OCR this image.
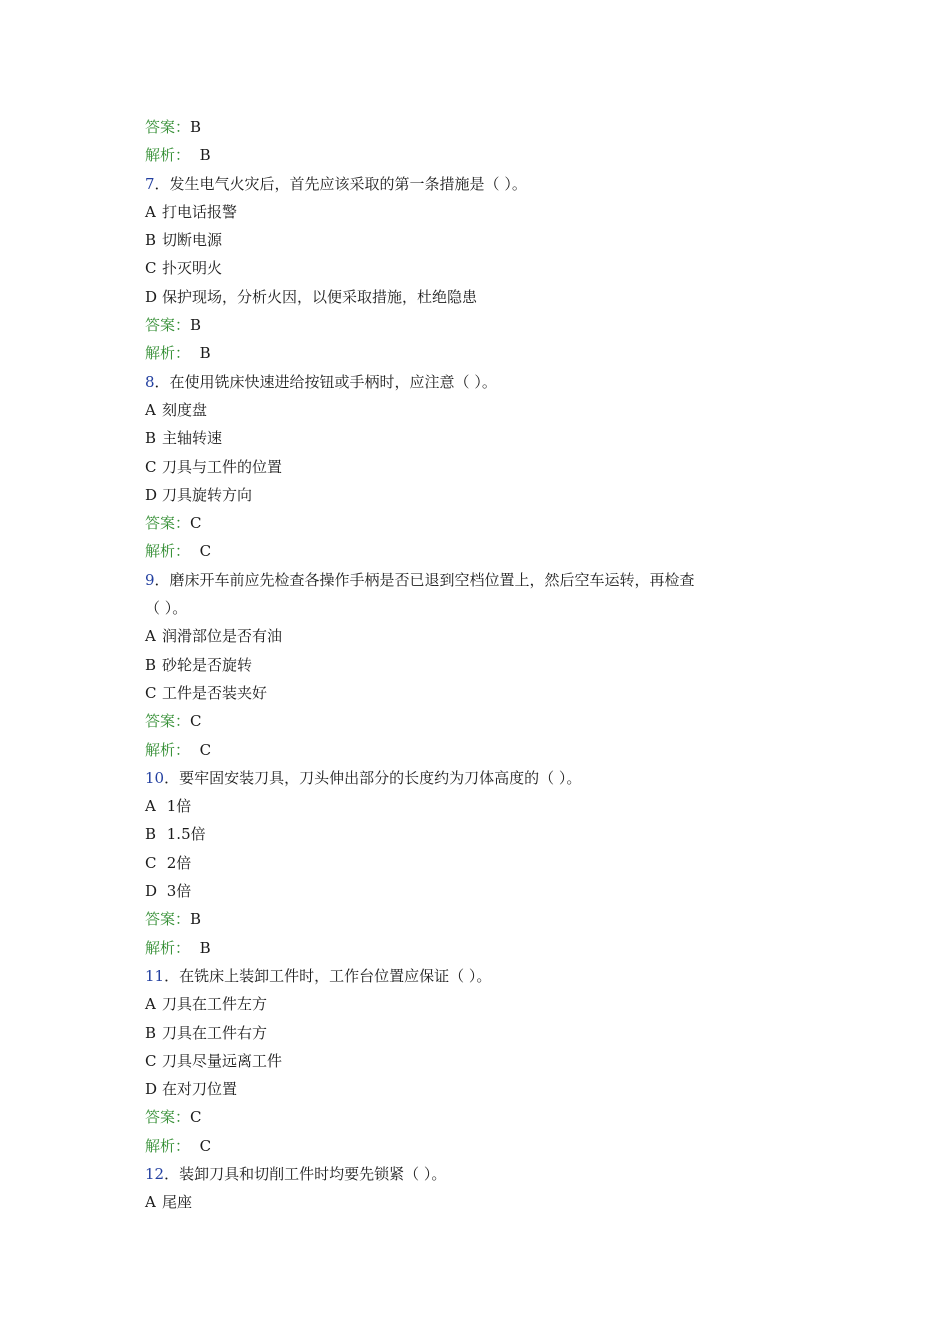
答案：B
解析： B
7．发生电气火灾后，首先应该采取的第一条措施是（ ）。
A 打电话报警
B 切断电源
C 扑灭明火
D 保护现场，分析火因，以便采取措施，杜绝隐患
答案：B
解析： B
8．在使用铣床快速进给按钮或手柄时，应注意（ ）。
A 刻度盘
B 主轴转速
C 刀具与工件的位置
D 刀具旋转方向
答案：C
解析： C
9．磨床开车前应先检查各操作手柄是否已退到空档位置上，然后空车运转，再检查
（ ）。
A 润滑部位是否有油
B 砂轮是否旋转
C 工件是否装夹好
答案：C
解析： C
10．要牢固安装刀具，刀头伸出部分的长度约为刀体高度的（ ）。
A 1倍
B 1.5倍
C 2倍
D 3倍
答案：B
解析： B
11．在铣床上装卸工件时，工作台位置应保证（ ）。
A 刀具在工件左方
B 刀具在工件右方
C 刀具尽量远离工件
D 在对刀位置
答案：C
解析： C
12．装卸刀具和切削工件时均要先锁紧（ ）。
A 尾座
